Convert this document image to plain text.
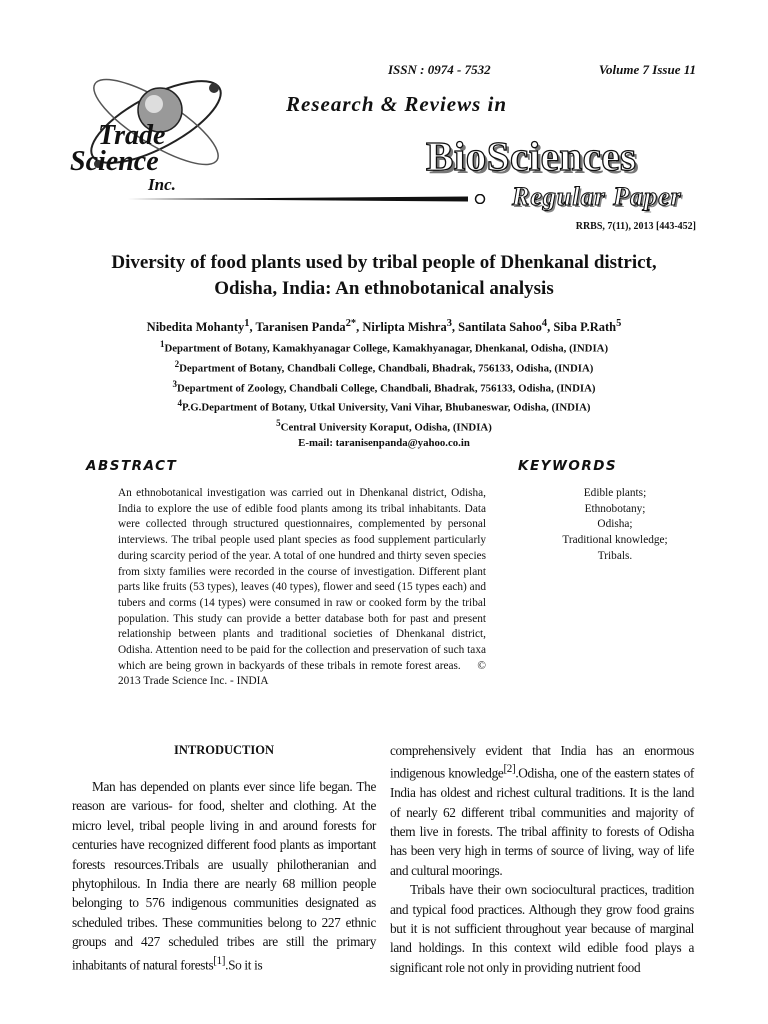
Trade
Science
Inc.
ISSN : 0974 - 7532	Volume 7 Issue 11
Research & Reviews in
BioSciences
Regular Paper
RRBS, 7(11), 2013 [443-452]
Diversity of food plants used by tribal people of Dhenkanal district,
Odisha, India: An ethnobotanical analysis

Nibedita Mohanty$^1$, Taranisen Panda$^{2*}$, Nirlipta Mishra$^3$, Santilata Sahoo$^4$, Siba P.Rath$^5$

$^1$Department of Botany, Kamakhyanagar College, Kamakhyanagar, Dhenkanal, Odisha, (INDIA)
$^2$Department of Botany, Chandbali College, Chandbali, Bhadrak, 756133, Odisha, (INDIA)
$^3$Department of Zoology, Chandbali College, Chandbali, Bhadrak, 756133, Odisha, (INDIA)
$^4$P.G.Department of Botany, Utkal University, Vani Vihar, Bhubaneswar, Odisha, (INDIA)
$^5$Central University Koraput, Odisha, (INDIA)
E-mail: taranisenpanda@yahoo.co.in
ABSTRACT	KEYWORDS

An ethnobotanical investigation was carried out in Dhenkanal district, Odisha, India to explore the use of edible food plants among its tribal inhabitants. Data were collected through structured questionnaires, complemented by personal interviews. The tribal people used plant species as food supplement particularly during scarcity period of the year. A total of one hundred and thirty seven species from sixty families were recorded in the course of investigation. Different plant parts like fruits (53 types), leaves (40 types), flower and seed (15 types each) and tubers and corms (14 types) were consumed in raw or cooked form by the tribal population. This study can provide a better database both for past and present relationship between plants and traditional societies of Dhenkanal district, Odisha. Attention need to be paid for the collection and preservation of such taxa which are being grown in backyards of these tribals in remote forest areas. © 2013 Trade Science Inc. - INDIA

Edible plants;
Ethnobotany;
Odisha;
Traditional knowledge;
Tribals.
INTRODUCTION

Man has depended on plants ever since life began. The reason are various- for food, shelter and clothing. At the micro level, tribal people living in and around forests for centuries have recognized different food plants as important forests resources.Tribals are usually philotheranian and phytophilous. In India there are nearly 68 million people belonging to 576 indigenous communities designated as scheduled tribes. These communities belong to 227 ethnic groups and 427 scheduled tribes are still the primary inhabitants of natural forests[1].So it is

comprehensively evident that India has an enormous indigenous knowledge[2].Odisha, one of the eastern states of India has oldest and richest cultural traditions. It is the land of nearly 62 different tribal communities and majority of them live in forests. The tribal affinity to forests of Odisha has been very high in terms of source of living, way of life and cultural moorings.

Tribals have their own sociocultural practices, tradition and typical food practices. Although they grow food grains but it is not sufficient throughout year because of marginal land holdings. In this context wild edible food plays a significant role not only in providing nutrient food
